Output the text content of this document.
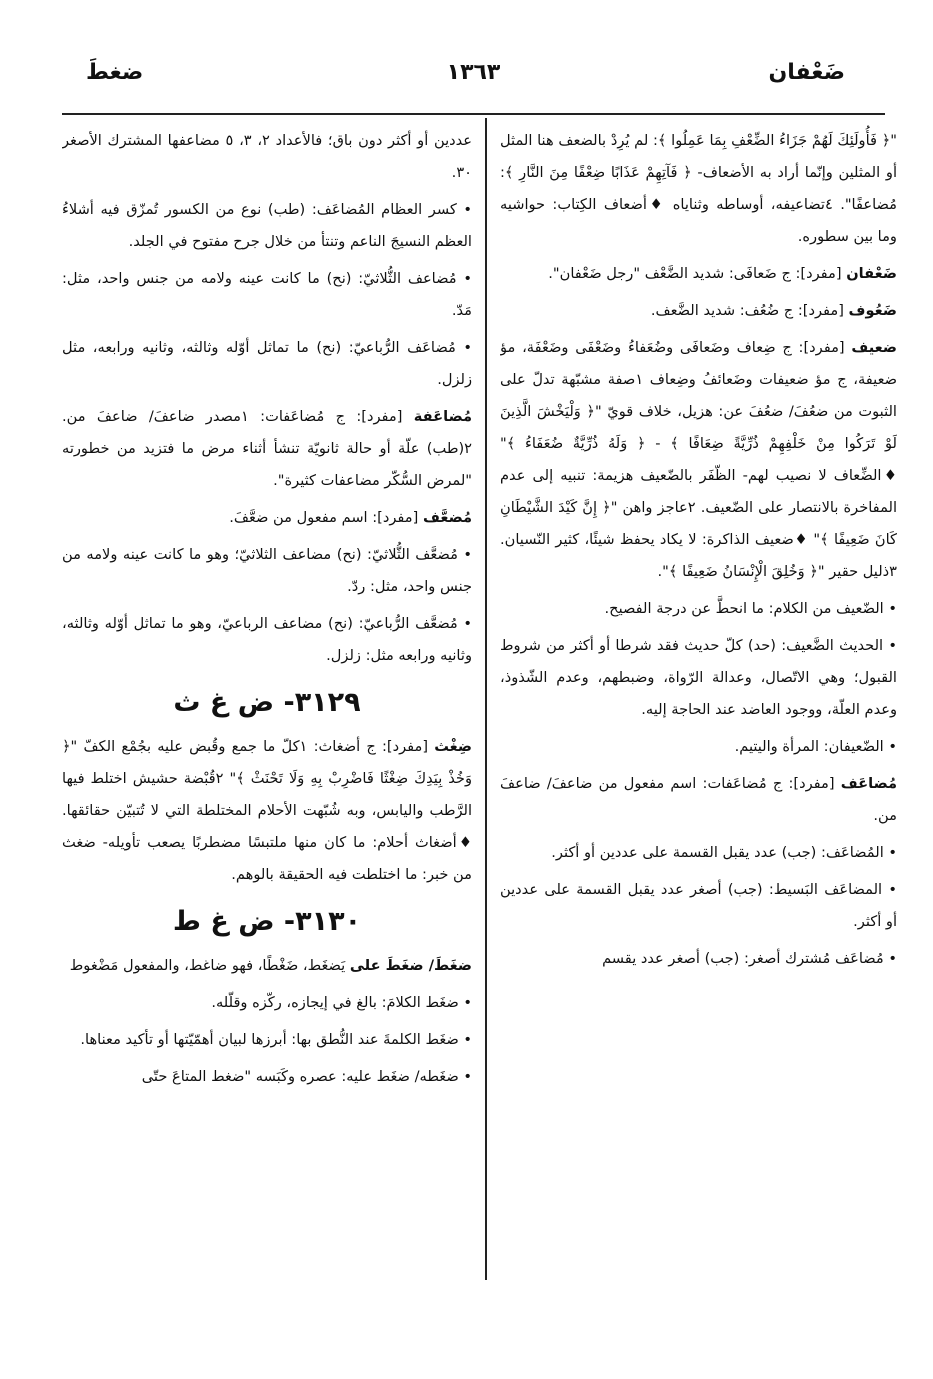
ضغطَ	١٣٦٣	ضَعْفان

"﴿ فَأُولَئِكَ لَهُمْ جَزَاءُ الضِّعْفِ بِمَا عَمِلُوا ﴾: لم يُرِدْ بالضعف هنا المثل أو المثلين وإنّما أراد به الأضعاف- ﴿ فَآتِهِمْ عَذَابًا ضِعْفًا مِنَ النَّارِ ﴾: مُضاعفًا". ٤تضاعيفه، أوساطه وثناياه ♦أضعاف الكِتاب: حواشيه وما بين سطوره.

ضَعْفان [مفرد]: ج ضَعافَى: شديد الضَّعْف "رجل ضَعْفان".

ضَعُوف [مفرد]: ج ضُعُف: شديد الضَّعف.

ضعيف [مفرد]: ج ضِعاف وضَعافَى وضُعَفاءُ وضَعْفَى وضَعْفَة، مؤ ضعيفة، ج مؤ ضعيفات وضَعائفُ وضِعاف ١صفة مشبّهة تدلّ على الثبوت من ضعُفَ/ ضعُفَ عن: هزيل، خلاف قويّ "﴿ وَلْيَخْشَ الَّذِينَ لَوْ تَرَكُوا مِنْ خَلْفِهِمْ ذُرِّيَّةً ضِعَافًا ﴾ - ﴿ وَلَهُ ذُرِّيَّةٌ ضُعَفَاءُ ﴾" ♦الضِّعاف لا نصيب لهم- الظّفَر بالضّعيف هزيمة: تنبيه إلى عدم المفاخرة بالانتصار على الضّعيف. ٢عاجز واهن "﴿ إِنَّ كَيْدَ الشَّيْطَانِ كَانَ ضَعِيفًا ﴾" ♦ضعيف الذاكرة: لا يكاد يحفظ شيئًا، كثير النّسيان. ٣ذليل حقير "﴿ وَخُلِقَ الْإِنْسَانُ ضَعِيفًا ﴾".

• الضّعيف من الكلام: ما انحطَّ عن درجة الفصيح.

• الحديث الضَّعيف: (حد) كلّ حديث فقد شرطا أو أكثر من شروط القبول؛ وهي الاتّصال، وعدالة الرّواة، وضبطهم، وعدم الشّذوذ، وعدم العلّة، ووجود العاضد عند الحاجة إليه.

• الضّعيفان: المرأة واليتيم.

مُضاعَف [مفرد]: ج مُضاعَفات: اسم مفعول من ضاعفَ/ ضاعفَ من.

• المُضاعَف: (جب) عدد يقبل القسمة على عددين أو أكثر.

• المضاعَف البَسيط: (جب) أصغر عدد يقبل القسمة على عددين أو أكثر.

• مُضاعَف مُشترك أصغر: (جب) أصغر عدد يقسم

عددين أو أكثر دون باق؛ فالأعداد ٢، ٣، ٥ مضاعفها المشترك الأصغر ٣٠.

• كسر العظام المُضاعَف: (طب) نوع من الكسور تُمزّق فيه أشلاءُ العظم النسيجَ الناعم وتنتأ من خلال جرح مفتوح في الجلد.

• مُضاعف الثُّلاثيّ: (نح) ما كانت عينه ولامه من جنس واحد، مثل: مَدّ.

• مُضاعَف الرُّباعيّ: (نح) ما تماثل أوّله وثالثه، وثانيه ورابعه، مثل زلزل.

مُضاعَفة [مفرد]: ج مُضاعَفات: ١مصدر ضاعفَ/ ضاعفَ من. ٢(طب) علّة أو حالة ثانويّة تنشأ أثناء مرض ما فتزيد من خطورته "لمرض السُّكّر مضاعفات كثيرة".

مُضعَّف [مفرد]: اسم مفعول من ضعَّفَ.

• مُضعَّف الثُّلاثيّ: (نح) مضاعف الثلاثيّ؛ وهو ما كانت عينه ولامه من جنس واحد، مثل: ردّ.

• مُضعَّف الرُّباعيّ: (نح) مضاعف الرباعيّ، وهو ما تماثل أوّله وثالثه، وثانيه ورابعه مثل: زلزل.

٣١٢٩- ض غ ث

ضِغْث [مفرد]: ج أضغاث: ١كلّ ما جمع وقُبض عليه بجُمْع الكفّ "﴿ وَخُذْ بِيَدِكَ ضِغْثًا فَاضْرِبْ بِهِ وَلَا تَحْنَثْ ﴾" ٢قُبْضة حشيش اختلط فيها الرَّطب واليابس، وبه شُبّهت الأحلام المختلطة التي لا تُتبيّن حقائقها. ♦أضغاث أحلام: ما كان منها ملتبسًا مضطربًا يصعب تأويله- ضغث من خبر: ما اختلطت فيه الحقيقة بالوهم.

٣١٣٠- ض غ ط

ضغَطَ/ ضغَطَ على يَضغَط، ضَغْطًا، فهو ضاغط، والمفعول مَضْغوط

• ضغَط الكلامَ: بالغ في إيجازه، ركّزه وقلّله.

• ضغَط الكلمةَ عند النُّطق بها: أبرزها لبيان أهمّيّتها أو تأكيد معناها.

• ضغَطه/ ضغَط عليه: عصره وكَبَسه "ضغط المتاعَ حتّى
